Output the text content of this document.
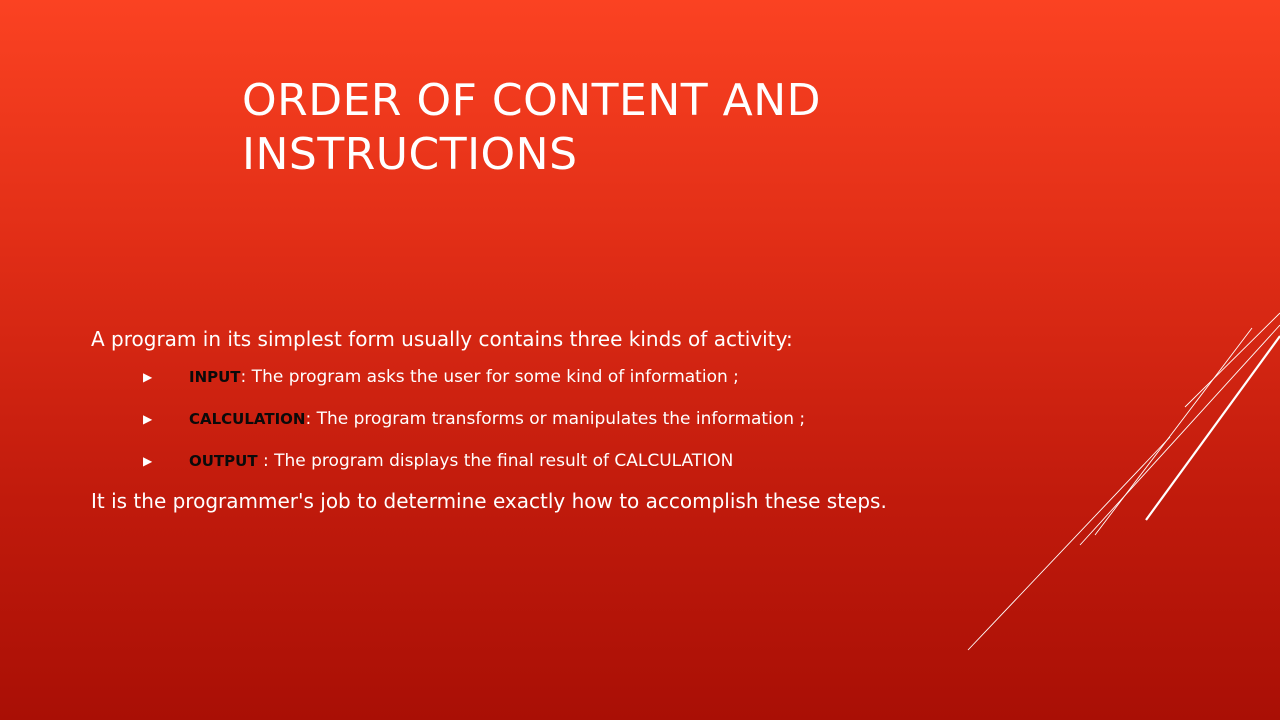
ORDER OF CONTENT AND INSTRUCTIONS

A program in its simplest form usually contains three kinds of activity:

▶ INPUT: The program asks the user for some kind of information ;
▶ CALCULATION: The program transforms or manipulates the information ;
▶ OUTPUT : The program displays the final result of CALCULATION

It is the programmer's job to determine exactly how to accomplish these steps.
